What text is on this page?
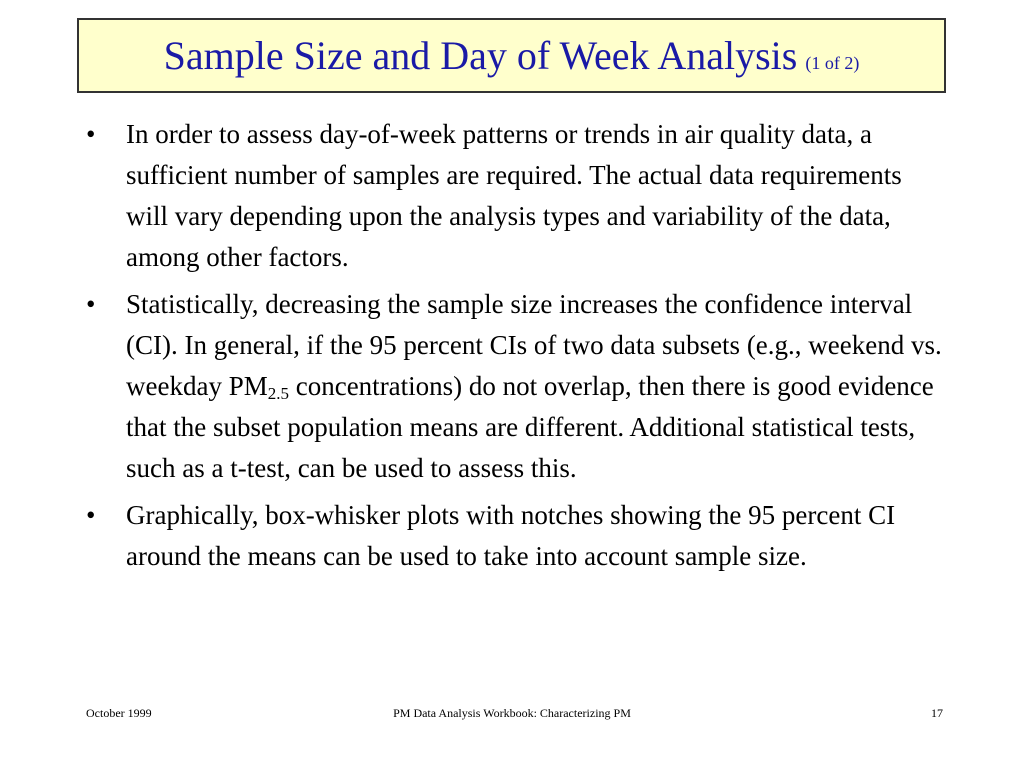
Sample Size and Day of Week Analysis (1 of 2)
•	In order to assess day-of-week patterns or trends in air quality data, a sufficient number of samples are required. The actual data requirements will vary depending upon the analysis types and variability of the data, among other factors.
•	Statistically, decreasing the sample size increases the confidence interval (CI). In general, if the 95 percent CIs of two data subsets (e.g., weekend vs. weekday $PM_{2.5}$ concentrations) do not overlap, then there is good evidence that the subset population means are different. Additional statistical tests, such as a t-test, can be used to assess this.
•	Graphically, box-whisker plots with notches showing the 95 percent CI around the means can be used to take into account sample size.
October 1999	PM Data Analysis Workbook: Characterizing PM	17
